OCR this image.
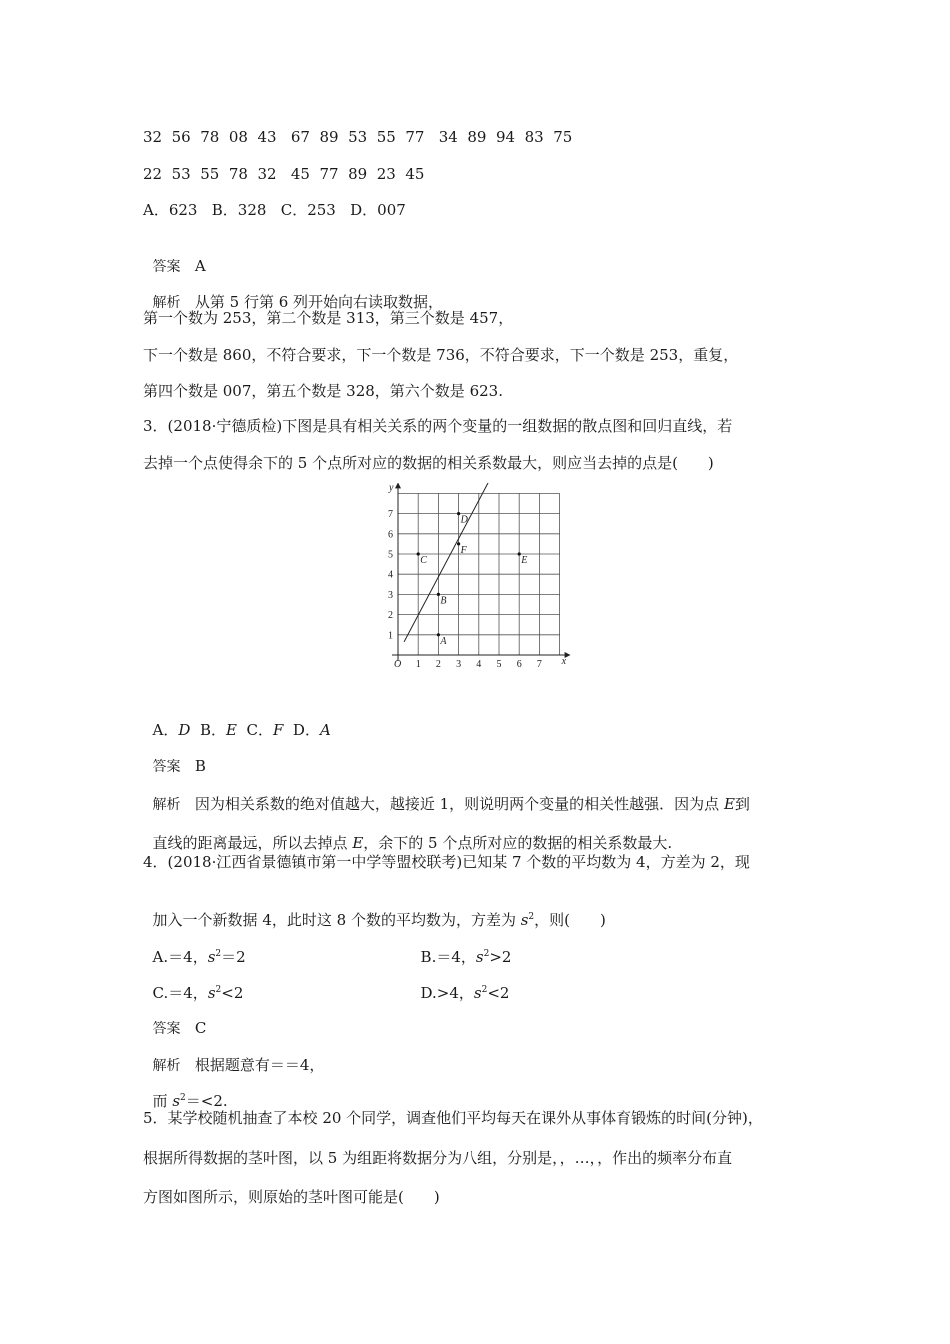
32  56  78  08  43   67  89  53  55  77   34  89  94  83  75
22  53  55  78  32   45  77  89  23  45
A．623   B．328   C．253   D．007

答案 A

解析 从第 5 行第 6 列开始向右读取数据，

第一个数为 253，第二个数是 313，第三个数是 457，
下一个数是 860，不符合要求，下一个数是 736，不符合要求，下一个数是 253，重复，
第四个数是 007，第五个数是 328，第六个数是 623.
3．(2018·宁德质检)下图是具有相关关系的两个变量的一组数据的散点图和回归直线，若
去掉一个点使得余下的 5 个点所对应的数据的相关系数最大，则应当去掉的点是(　　)
1 2 3 4 5 6 7
1
2
3
4
5
6
7
A
B
C
D
E
F
x
y
O

A．D  B．E  C．F  D．A

答案 B

解析 因为相关系数的绝对值越大，越接近 1，则说明两个变量的相关性越强．因为点 E到

直线的距离最远，所以去掉点 E，余下的 5 个点所对应的数据的相关系数最大.

4．(2018·江西省景德镇市第一中学等盟校联考)已知某 7 个数的平均数为 4，方差为 2，现

加入一个新数据 4，此时这 8 个数的平均数为，方差为 $s^2$，则(　　)

A.＝4，$s^2=2$	B.＝4，$s^2>2$

C.＝4，$s^2<2$	D.>4，$s^2<2$

答案 C

解析 根据题意有＝＝4，

而 $s^2=<2$.

5．某学校随机抽查了本校 20 个同学，调查他们平均每天在课外从事体育锻炼的时间(分钟)，
根据所得数据的茎叶图，以 5 为组距将数据分为八组，分别是，，…，，作出的频率分布直
方图如图所示，则原始的茎叶图可能是(　　)
